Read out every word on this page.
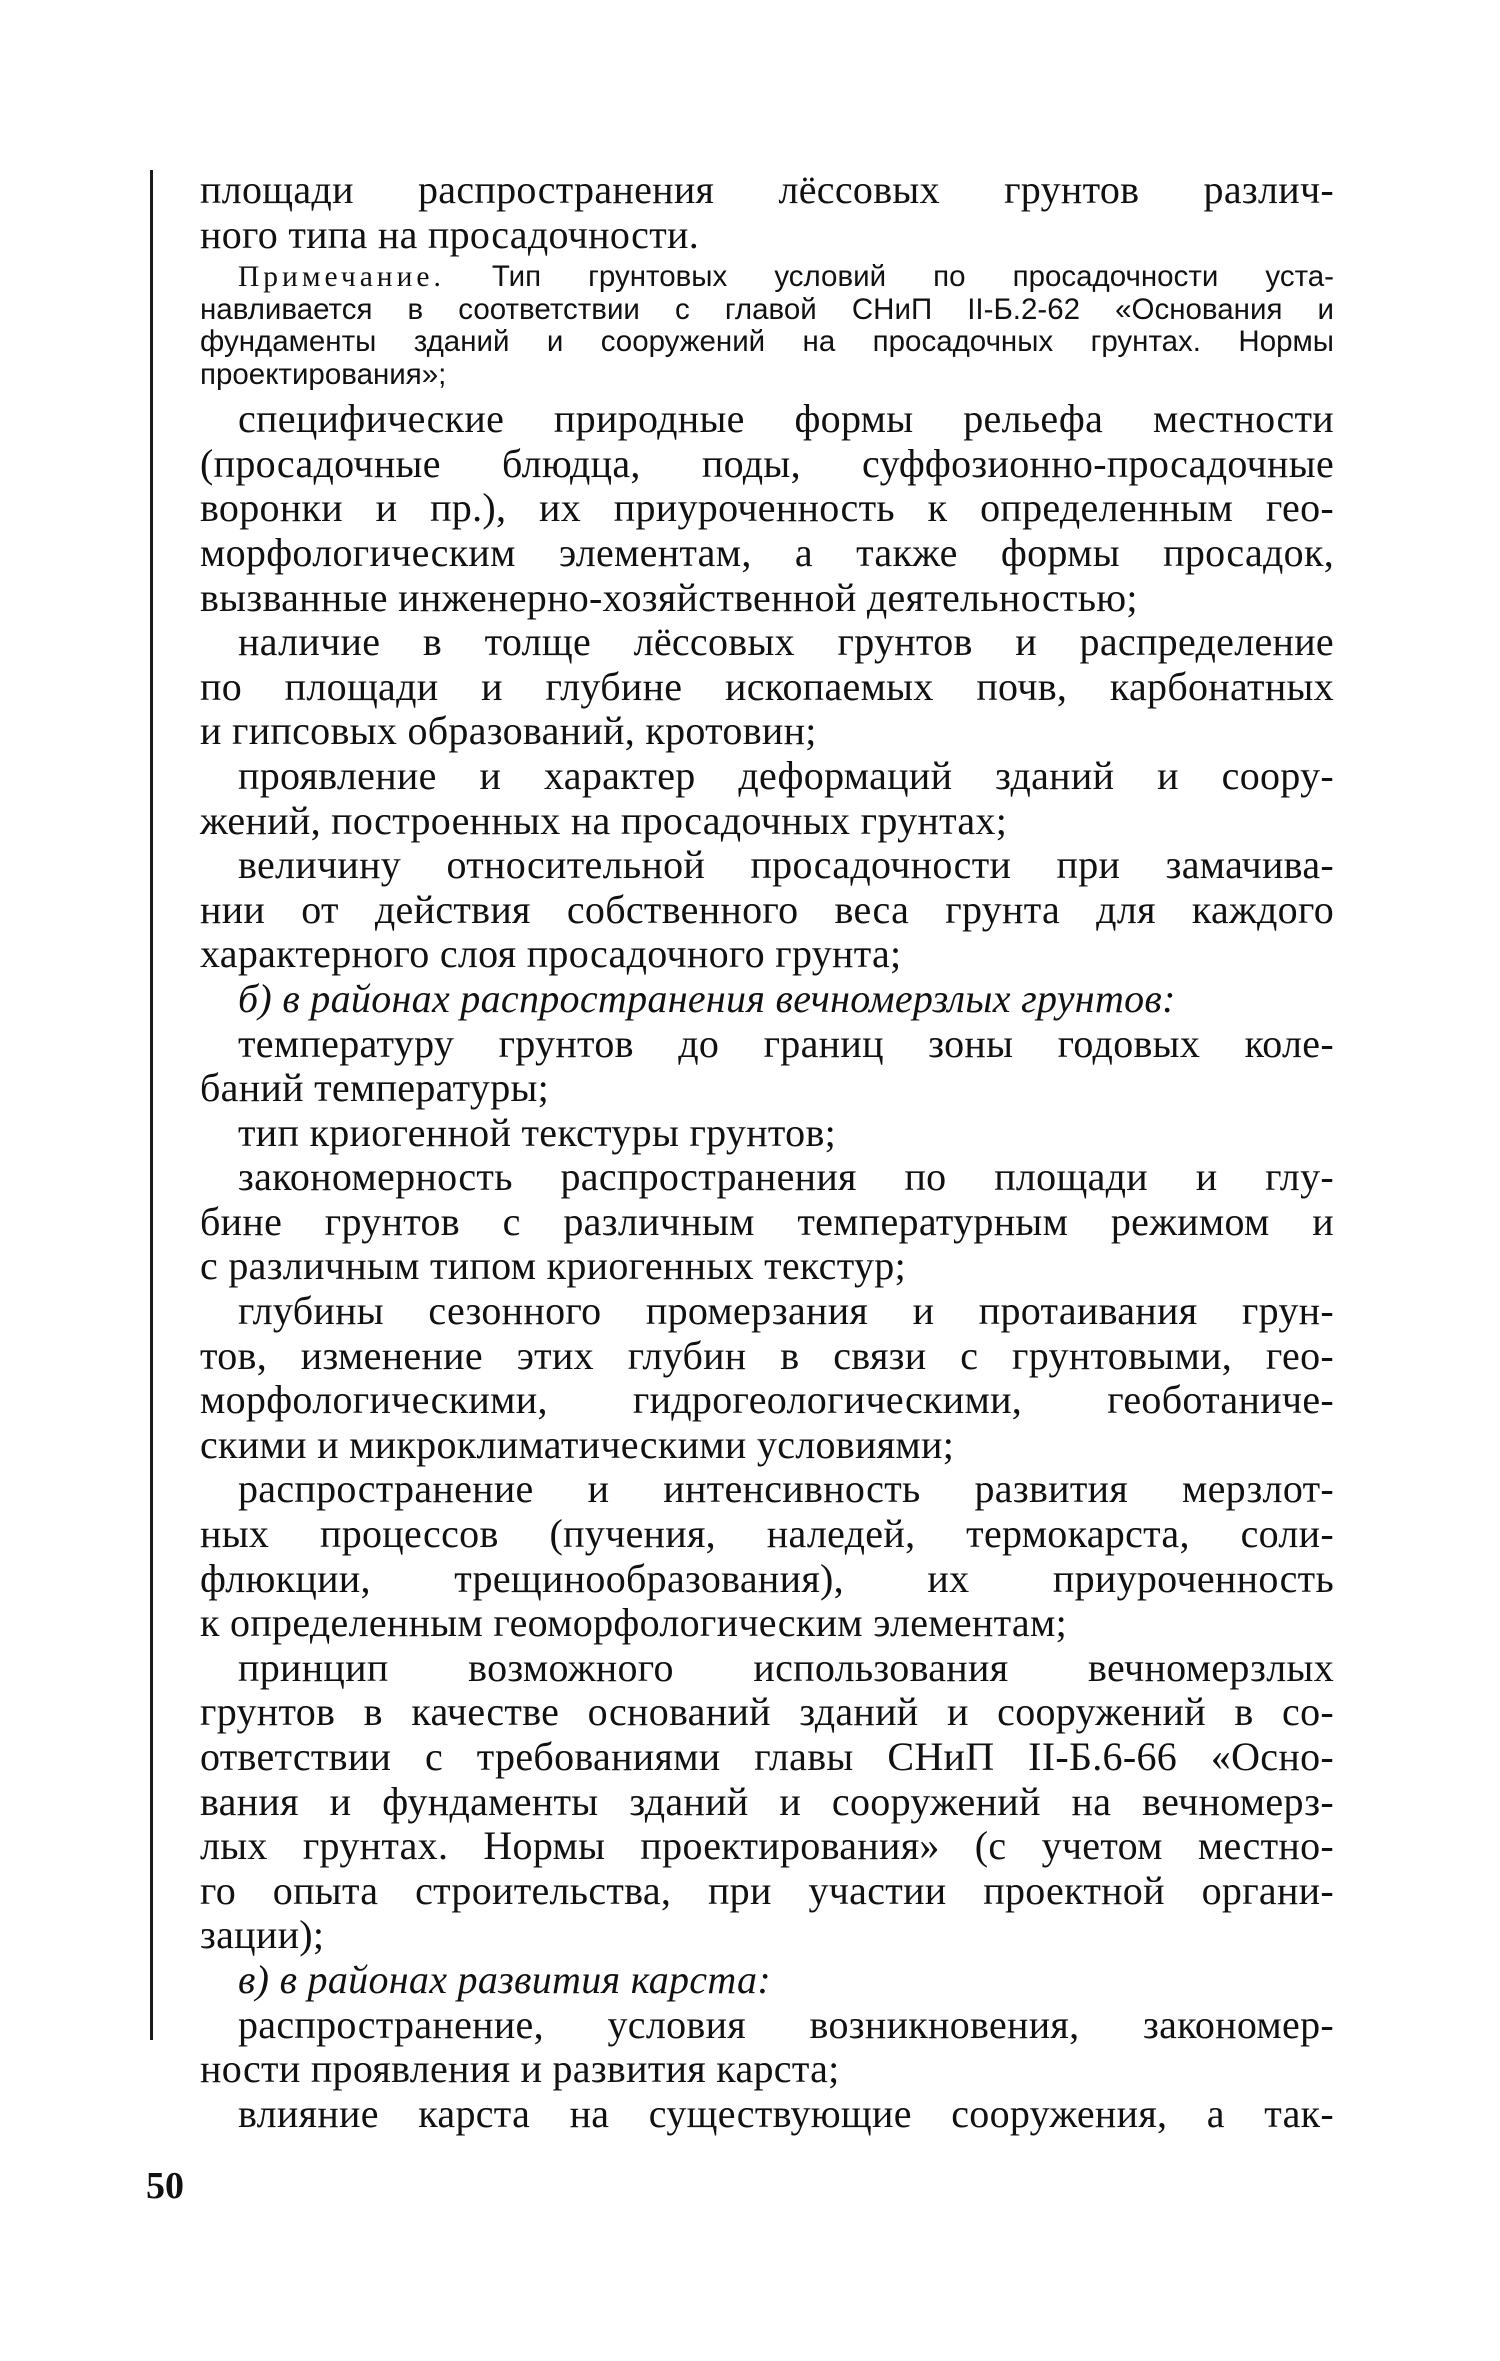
площади распространения лёссовых грунтов различ-
ного типа на просадочности.
Примечание. Тип грунтовых условий по просадочности уста-
навливается в соответствии с главой СНиП II-Б.2-62 «Основания и
фундаменты зданий и сооружений на просадочных грунтах. Нормы
проектирования»;
специфические природные формы рельефа местности
(просадочные блюдца, поды, суффозионно-просадочные
воронки и пр.), их приуроченность к определенным гео-
морфологическим элементам, а также формы просадок,
вызванные инженерно-хозяйственной деятельностью;
наличие в толще лёссовых грунтов и распределение
по площади и глубине ископаемых почв, карбонатных
и гипсовых образований, кротовин;
проявление и характер деформаций зданий и соору-
жений, построенных на просадочных грунтах;
величину относительной просадочности при замачива-
нии от действия собственного веса грунта для каждого
характерного слоя просадочного грунта;
б) в районах распространения вечномерзлых грунтов:
температуру грунтов до границ зоны годовых коле-
баний температуры;
тип криогенной текстуры грунтов;
закономерность распространения по площади и глу-
бине грунтов с различным температурным режимом и
с различным типом криогенных текстур;
глубины сезонного промерзания и протаивания грун-
тов, изменение этих глубин в связи с грунтовыми, гео-
морфологическими, гидрогеологическими, геоботаниче-
скими и микроклиматическими условиями;
распространение и интенсивность развития мерзлот-
ных процессов (пучения, наледей, термокарста, соли-
флюкции, трещинообразования), их приуроченность
к определенным геоморфологическим элементам;
принцип возможного использования вечномерзлых
грунтов в качестве оснований зданий и сооружений в со-
ответствии с требованиями главы СНиП II-Б.6-66 «Осно-
вания и фундаменты зданий и сооружений на вечномерз-
лых грунтах. Нормы проектирования» (с учетом местно-
го опыта строительства, при участии проектной органи-
зации);
в) в районах развития карста:
распространение, условия возникновения, закономер-
ности проявления и развития карста;
влияние карста на существующие сооружения, а так-
50
